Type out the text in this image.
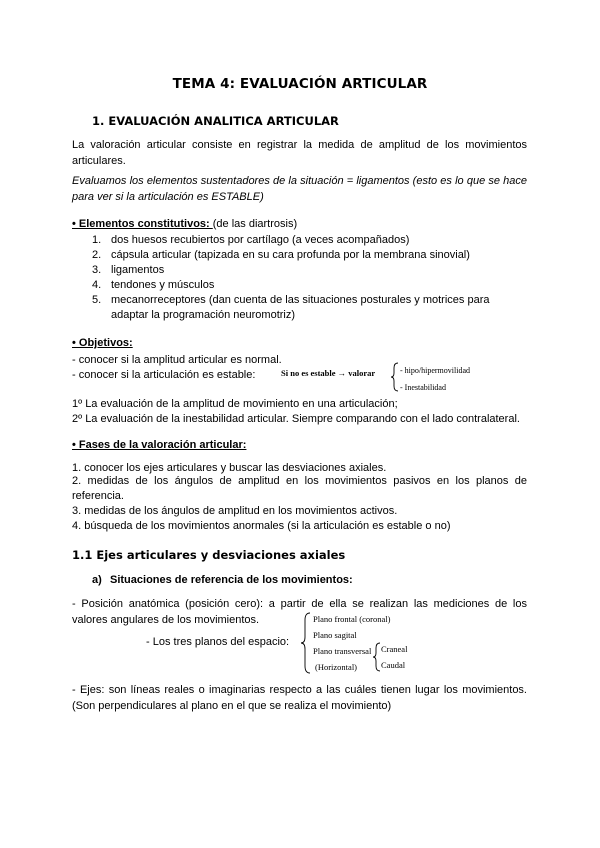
TEMA 4: EVALUACIÓN ARTICULAR
1. EVALUACIÓN ANALITICA ARTICULAR
La valoración articular consiste en registrar la medida de amplitud de los movimientos articulares.
Evaluamos los elementos sustentadores de la situación = ligamentos (esto es lo que se hace para ver si la articulación es ESTABLE)
• Elementos constitutivos: (de las diartrosis)
1. dos huesos recubiertos por cartílago (a veces acompañados)
2. cápsula articular (tapizada en su cara profunda por la membrana sinovial)
3. ligamentos
4. tendones y músculos
5. mecanorreceptores (dan cuenta de las situaciones posturales y motrices para adaptar la programación neuromotriz)
• Objetivos:
- conocer si la amplitud articular es normal.
- conocer si la articulación es estable:	Si no es estable → valorar	- hipo/hipermovilidad
- Inestabilidad
1º La evaluación de la amplitud de movimiento en una articulación;
2º La evaluación de la inestabilidad articular. Siempre comparando con el lado contralateral.
• Fases de la valoración articular:
1. conocer los ejes articulares y buscar las desviaciones axiales.
2. medidas de los ángulos de amplitud en los movimientos pasivos en los planos de referencia.
3. medidas de los ángulos de amplitud en los movimientos activos.
4. búsqueda de los movimientos anormales (si la articulación es estable o no)
1.1 Ejes articulares y desviaciones axiales
a) Situaciones de referencia de los movimientos:
- Posición anatómica (posición cero): a partir de ella se realizan las mediciones de los valores angulares de los movimientos.
- Los tres planos del espacio:
Plano frontal (coronal)
Plano sagital
Plano transversal
(Horizontal)
Craneal
Caudal
- Ejes: son líneas reales o imaginarias respecto a las cuáles tienen lugar los movimientos. (Son perpendiculares al plano en el que se realiza el movimiento)
